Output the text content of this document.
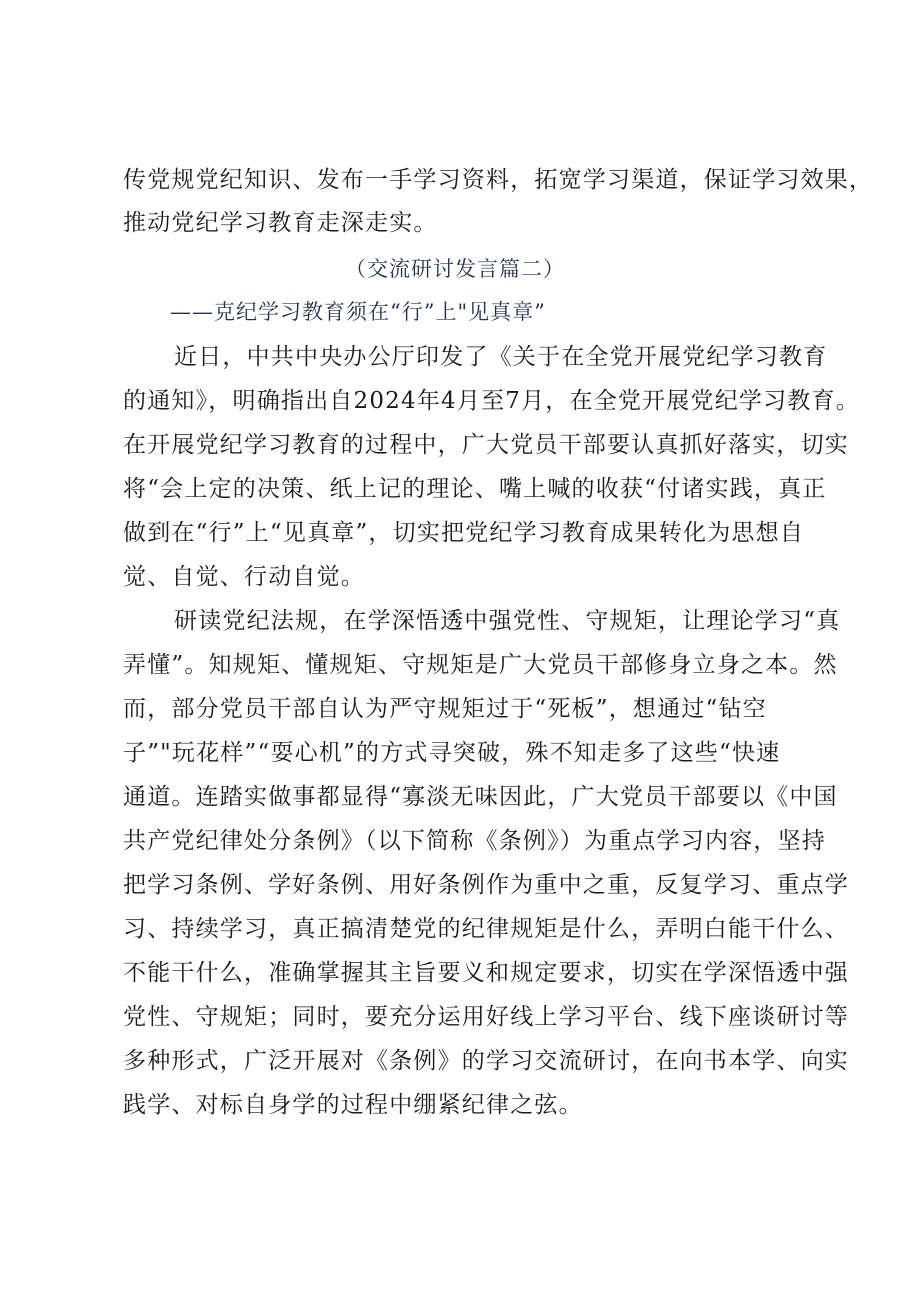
传党规党纪知识、发布一手学习资料，拓宽学习渠道，保证学习效果，
推动党纪学习教育走深走实。
（交流研讨发言篇二）
——克纪学习教育须在“行”上"见真章”
近日，中共中央办公厅印发了《关于在全党开展党纪学习教育
的通知》，明确指出自2024年4月至7月，在全党开展党纪学习教育。
在开展党纪学习教育的过程中，广大党员干部要认真抓好落实，切实
将“会上定的决策、纸上记的理论、嘴上喊的收获“付诸实践，真正
做到在“行”上“见真章”，切实把党纪学习教育成果转化为思想自
觉、自觉、行动自觉。
研读党纪法规，在学深悟透中强党性、守规矩，让理论学习“真
弄懂”。知规矩、懂规矩、守规矩是广大党员干部修身立身之本。然
而，部分党员干部自认为严守规矩过于“死板”，想通过“钻空
子”"玩花样”“耍心机”的方式寻突破，殊不知走多了这些“快速
通道。连踏实做事都显得“寡淡无味因此，广大党员干部要以《中国
共产党纪律处分条例》（以下简称《条例》）为重点学习内容，坚持
把学习条例、学好条例、用好条例作为重中之重，反复学习、重点学
习、持续学习，真正搞清楚党的纪律规矩是什么，弄明白能干什么、
不能干什么，准确掌握其主旨要义和规定要求，切实在学深悟透中强
党性、守规矩；同时，要充分运用好线上学习平台、线下座谈研讨等
多种形式，广泛开展对《条例》的学习交流研讨，在向书本学、向实
践学、对标自身学的过程中绷紧纪律之弦。
